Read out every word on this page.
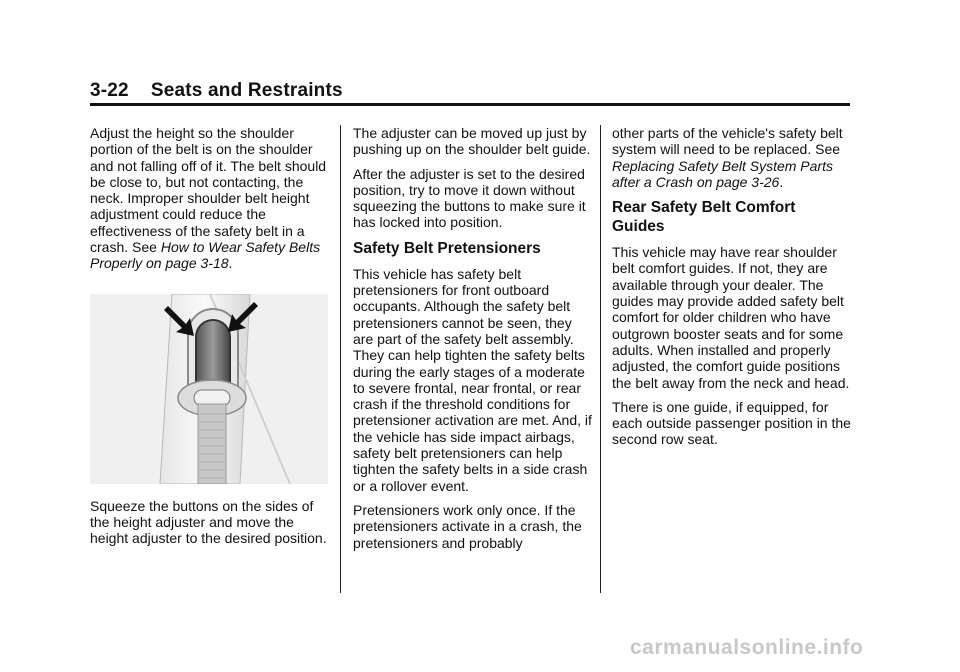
3-22 Seats and Restraints

Adjust the height so the shoulder portion of the belt is on the shoulder and not falling off of it. The belt should be close to, but not contacting, the neck. Improper shoulder belt height adjustment could reduce the effectiveness of the safety belt in a crash. See How to Wear Safety Belts Properly on page 3-18.

Squeeze the buttons on the sides of the height adjuster and move the height adjuster to the desired position.

The adjuster can be moved up just by pushing up on the shoulder belt guide.

After the adjuster is set to the desired position, try to move it down without squeezing the buttons to make sure it has locked into position.

Safety Belt Pretensioners

This vehicle has safety belt pretensioners for front outboard occupants. Although the safety belt pretensioners cannot be seen, they are part of the safety belt assembly. They can help tighten the safety belts during the early stages of a moderate to severe frontal, near frontal, or rear crash if the threshold conditions for pretensioner activation are met. And, if the vehicle has side impact airbags, safety belt pretensioners can help tighten the safety belts in a side crash or a rollover event.

Pretensioners work only once. If the pretensioners activate in a crash, the pretensioners and probably

other parts of the vehicle's safety belt system will need to be replaced. See Replacing Safety Belt System Parts after a Crash on page 3-26.

Rear Safety Belt Comfort Guides

This vehicle may have rear shoulder belt comfort guides. If not, they are available through your dealer. The guides may provide added safety belt comfort for older children who have outgrown booster seats and for some adults. When installed and properly adjusted, the comfort guide positions the belt away from the neck and head.

There is one guide, if equipped, for each outside passenger position in the second row seat.

carmanualsonline.info
